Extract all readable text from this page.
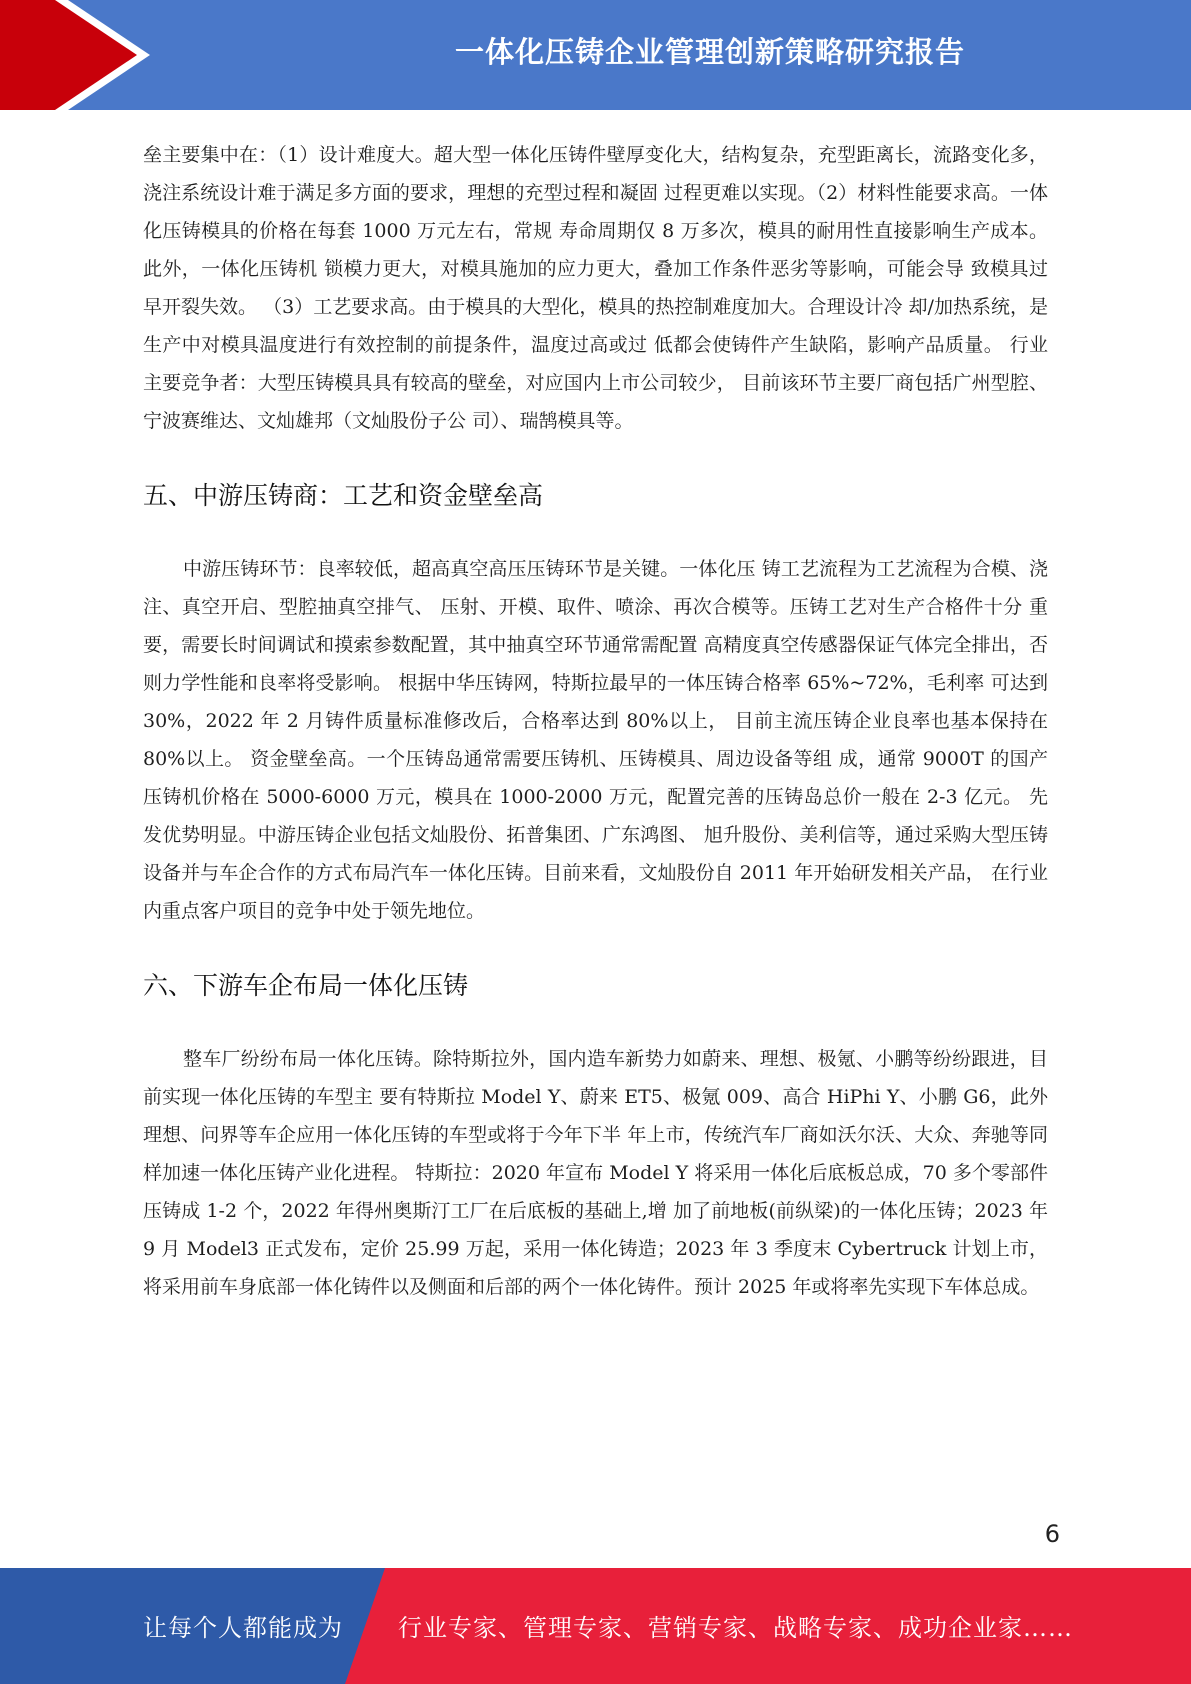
一体化压铸企业管理创新策略研究报告

垒主要集中在：（1）设计难度大。超大型一体化压铸件壁厚变化大，结构复杂，充型距离长，流路变化多，浇注系统设计难于满足多方面的要求，理想的充型过程和凝固 过程更难以实现。（2）材料性能要求高。一体化压铸模具的价格在每套 1000 万元左右，常规 寿命周期仅 8 万多次，模具的耐用性直接影响生产成本。此外，一体化压铸机 锁模力更大，对模具施加的应力更大，叠加工作条件恶劣等影响，可能会导 致模具过早开裂失效。 （3）工艺要求高。由于模具的大型化，模具的热控制难度加大。合理设计冷 却/加热系统，是生产中对模具温度进行有效控制的前提条件，温度过高或过 低都会使铸件产生缺陷，影响产品质量。 行业主要竞争者：大型压铸模具具有较高的壁垒，对应国内上市公司较少， 目前该环节主要厂商包括广州型腔、宁波赛维达、文灿雄邦（文灿股份子公 司）、瑞鹄模具等。

五、中游压铸商：工艺和资金壁垒高

中游压铸环节：良率较低，超高真空高压压铸环节是关键。一体化压 铸工艺流程为工艺流程为合模、浇注、真空开启、型腔抽真空排气、 压射、开模、取件、喷涂、再次合模等。压铸工艺对生产合格件十分 重要，需要长时间调试和摸索参数配置，其中抽真空环节通常需配置 高精度真空传感器保证气体完全排出，否则力学性能和良率将受影响。 根据中华压铸网，特斯拉最早的一体压铸合格率 65%~72%，毛利率 可达到 30%，2022 年 2 月铸件质量标准修改后，合格率达到 80%以上， 目前主流压铸企业良率也基本保持在 80%以上。 资金壁垒高。一个压铸岛通常需要压铸机、压铸模具、周边设备等组 成，通常 9000T 的国产压铸机价格在 5000-6000 万元，模具在 1000-2000 万元，配置完善的压铸岛总价一般在 2-3 亿元。 先发优势明显。中游压铸企业包括文灿股份、拓普集团、广东鸿图、 旭升股份、美利信等，通过采购大型压铸设备并与车企合作的方式布局汽车一体化压铸。目前来看，文灿股份自 2011 年开始研发相关产品， 在行业内重点客户项目的竞争中处于领先地位。

六、下游车企布局一体化压铸

整车厂纷纷布局一体化压铸。除特斯拉外，国内造车新势力如蔚来、理想、极氪、小鹏等纷纷跟进，目前实现一体化压铸的车型主 要有特斯拉 Model Y、蔚来 ET5、极氪 009、高合 HiPhi Y、小鹏 G6，此外理想、问界等车企应用一体化压铸的车型或将于今年下半 年上市，传统汽车厂商如沃尔沃、大众、奔驰等同样加速一体化压铸产业化进程。 特斯拉：2020 年宣布 Model Y 将采用一体化后底板总成，70 多个零部件压铸成 1-2 个，2022 年得州奥斯汀工厂在后底板的基础上,增 加了前地板(前纵梁)的一体化压铸；2023 年 9 月 Model3 正式发布，定价 25.99 万起，采用一体化铸造；2023 年 3 季度末 Cybertruck 计划上市，将采用前车身底部一体化铸件以及侧面和后部的两个一体化铸件。预计 2025 年或将率先实现下车体总成。

6
让每个人都能成为 行业专家、管理专家、营销专家、战略专家、成功企业家……
